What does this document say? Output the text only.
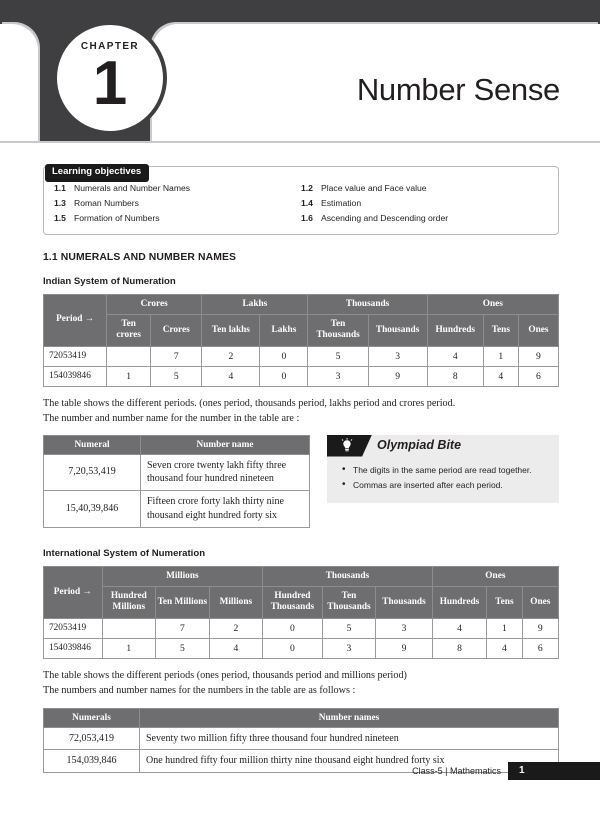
CHAPTER
1	Number Sense
1.1 Numerals and Number Names	1.2 Place value and Face value
1.3 Roman Numbers	1.4 Estimation
1.5 Formation of Numbers	1.6 Ascending and Descending order
Learning objectives
1.1 NUMERALS AND NUMBER NAMES
Indian System of Numeration
Period →	Crores		Lakhs		Thousands		Ones		
	Ten crores	Crores	Ten lakhs	Lakhs	Ten Thousands	Thousands	Hundreds	Tens	Ones
72053419		7	2	0	5	3	4	1	9
154039846	1	5	4	0	3	9	8	4	6
The table shows the different periods. (ones period, thousands period, lakhs period and crores period.
The number and number name for the number in the table are :
Numeral	Number name
7,20,53,419	Seven crore twenty lakh fifty three thousand four hundred nineteen
15,40,39,846	Fifteen crore forty lakh thirty nine thousand eight hundred forty six
Olympiad Bite
• The digits in the same period are read together.
• Commas are inserted after each period.
International System of Numeration
Period →	Millions			Thousands			Ones		
	Hundred Millions	Ten Millions	Millions	Hundred Thousands	Ten Thousands	Thousands	Hundreds	Tens	Ones
72053419		7	2	0	5	3	4	1	9
154039846	1	5	4	0	3	9	8	4	6
The table shows the different periods (ones period, thousands period and millions period)
The numbers and number names for the numbers in the table are as follows :
Numerals	Number names
72,053,419	Seventy two million fifty three thousand four hundred nineteen
154,039,846	One hundred fifty four million thirty nine thousand eight hundred forty six
Class-5 | Mathematics	1
